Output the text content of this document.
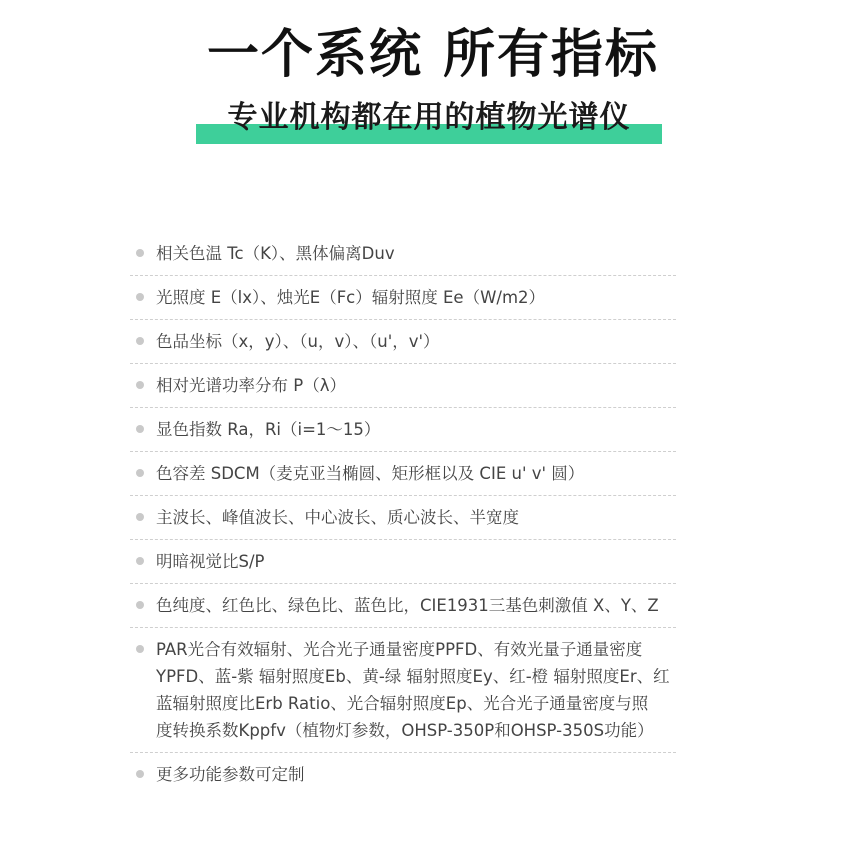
一个系统 所有指标
专业机构都在用的植物光谱仪
相关色温 Tc（K）、黑体偏离Duv
光照度 E（lx）、烛光E（Fc）辐射照度 Ee（W/m2）
色品坐标（x，y）、（u，v）、（u'，v'）
相对光谱功率分布 P（λ）
显色指数 Ra，Ri（i=1～15）
色容差 SDCM（麦克亚当椭圆、矩形框以及 CIE u' v' 圆）
主波长、峰值波长、中心波长、质心波长、半宽度
明暗视觉比S/P
色纯度、红色比、绿色比、蓝色比，CIE1931三基色刺激值 X、Y、Z
PAR光合有效辐射、光合光子通量密度PPFD、有效光量子通量密度
YPFD、蓝-紫 辐射照度Eb、黄-绿 辐射照度Ey、红-橙 辐射照度Er、红
蓝辐射照度比Erb Ratio、光合辐射照度Ep、光合光子通量密度与照
度转换系数Kppfv（植物灯参数，OHSP-350P和OHSP-350S功能）
更多功能参数可定制
